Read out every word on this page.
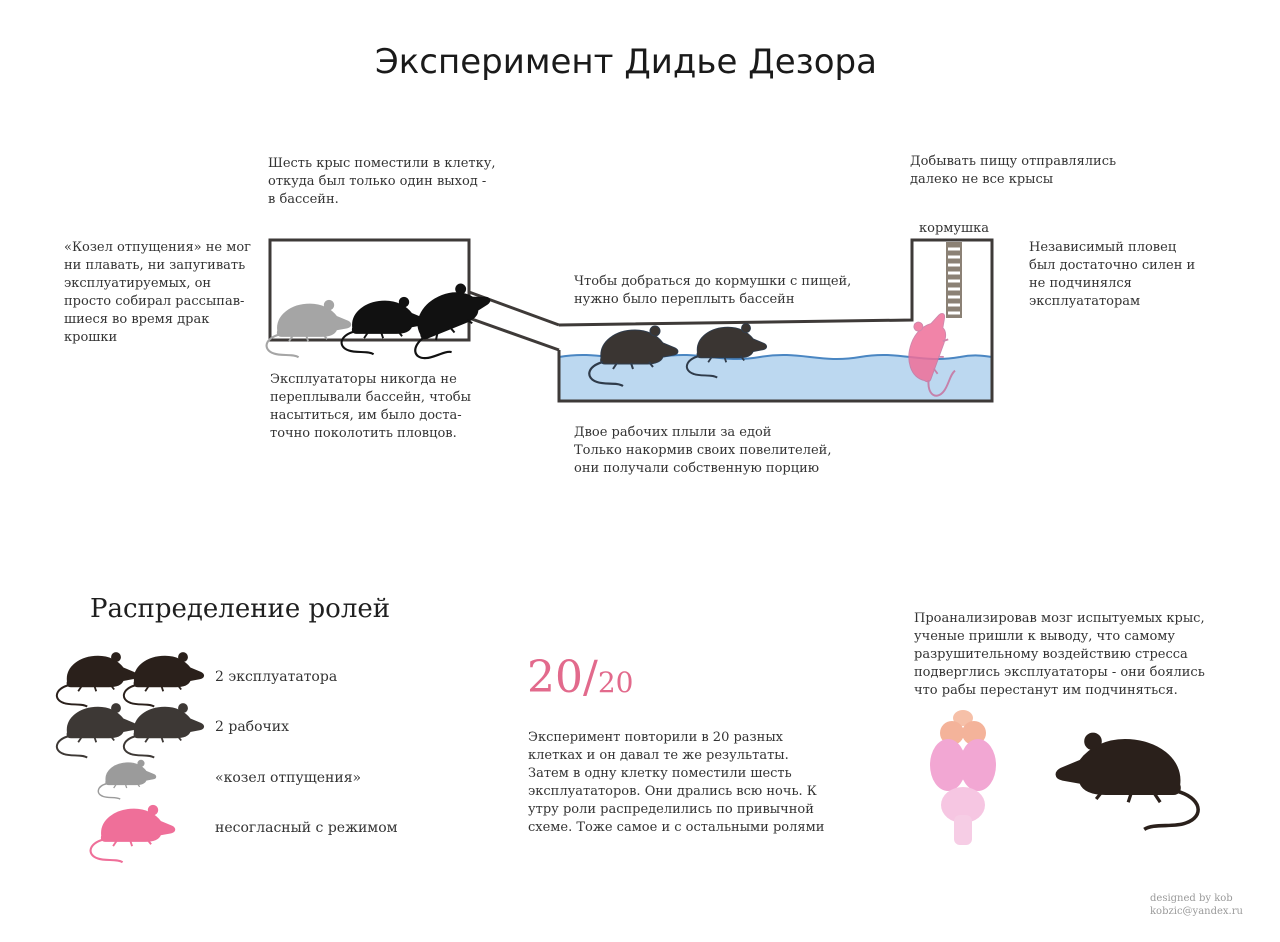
Эксперимент Дидье Дезора
Шесть крыс поместили в клетку,
откуда был только один выход -
в бассейн.
«Козел отпущения» не мог
ни плавать, ни запугивать
эксплуатируемых, он
просто собирал рассыпав-
шиеся во время драк
крошки
Эксплуататоры никогда не
переплывали бассейн, чтобы
насытиться, им было доста-
точно поколотить пловцов.
Чтобы добраться до кормушки с пищей,
нужно было переплыть бассейн
Двое рабочих плыли за едой
Только накормив своих повелителей,
они получали собственную порцию
Добывать пищу отправлялись
далеко не все крысы
кормушка
Независимый пловец
был достаточно силен и
не подчинялся
эксплуататорам
Распределение ролей
2 эксплуататора
2 рабочих
«козел отпущения»
несогласный с режимом
20/20
Эксперимент повторили в 20 разных
клетках и он давал те же результаты.
Затем в одну клетку поместили шесть
эксплуататоров. Они дрались всю ночь. К
утру роли распределились по привычной
схеме. Тоже самое и с остальными ролями
Проанализировав мозг испытуемых крыс,
ученые пришли к выводу, что самому
разрушительному воздействию стресса
подверглись эксплуататоры - они боялись
что рабы перестанут им подчиняться.
designed by kob
kobzic@yandex.ru
